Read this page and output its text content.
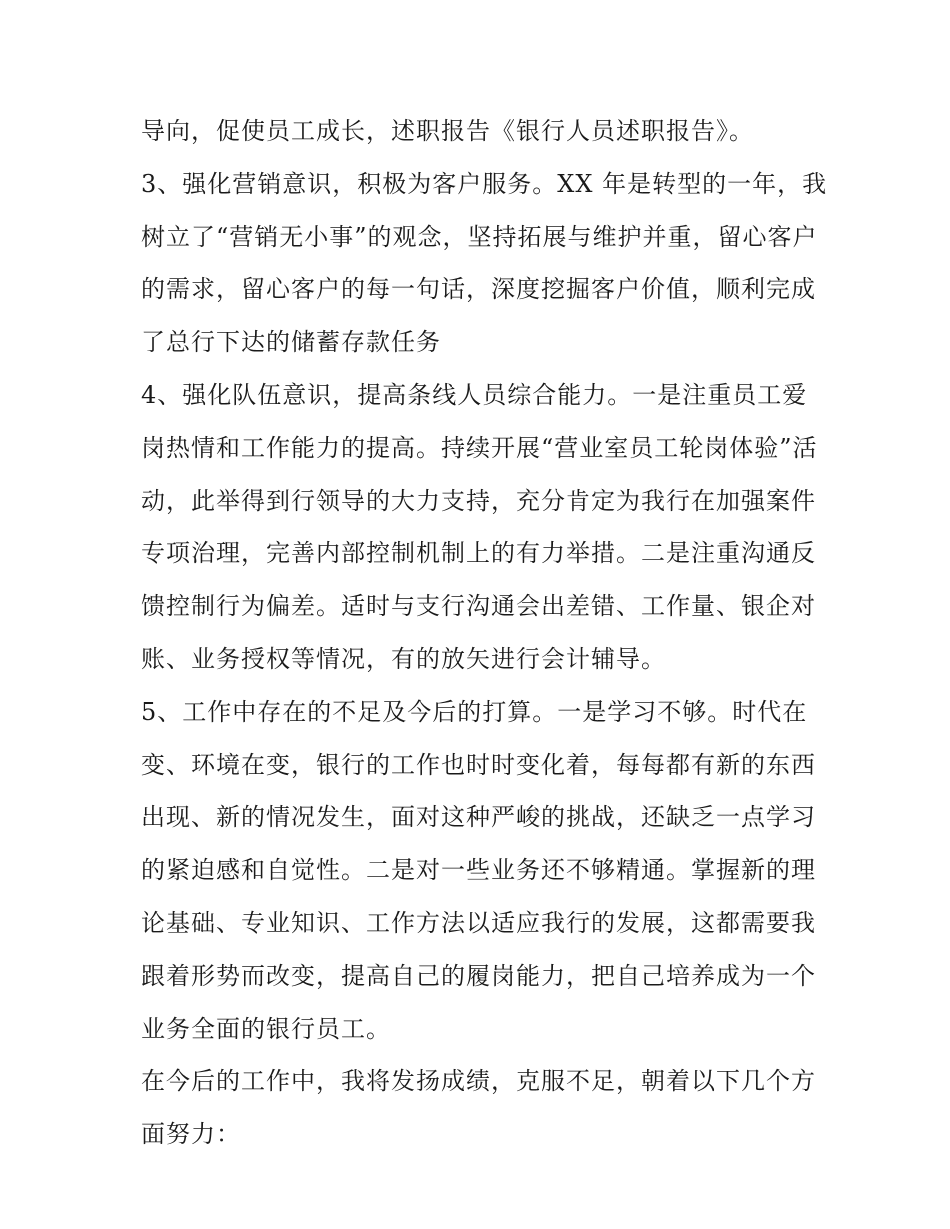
导向，促使员工成长，述职报告《银行人员述职报告》。

3、强化营销意识，积极为客户服务。XX 年是转型的一年，我
树立了“营销无小事”的观念，坚持拓展与维护并重，留心客户
的需求，留心客户的每一句话，深度挖掘客户价值，顺利完成
了总行下达的储蓄存款任务

4、强化队伍意识，提高条线人员综合能力。一是注重员工爱
岗热情和工作能力的提高。持续开展“营业室员工轮岗体验”活
动，此举得到行领导的大力支持，充分肯定为我行在加强案件
专项治理，完善内部控制机制上的有力举措。二是注重沟通反
馈控制行为偏差。适时与支行沟通会出差错、工作量、银企对
账、业务授权等情况，有的放矢进行会计辅导。

5、工作中存在的不足及今后的打算。一是学习不够。时代在
变、环境在变，银行的工作也时时变化着，每每都有新的东西
出现、新的情况发生，面对这种严峻的挑战，还缺乏一点学习
的紧迫感和自觉性。二是对一些业务还不够精通。掌握新的理
论基础、专业知识、工作方法以适应我行的发展，这都需要我
跟着形势而改变，提高自己的履岗能力，把自己培养成为一个
业务全面的银行员工。

在今后的工作中，我将发扬成绩，克服不足，朝着以下几个方
面努力：
